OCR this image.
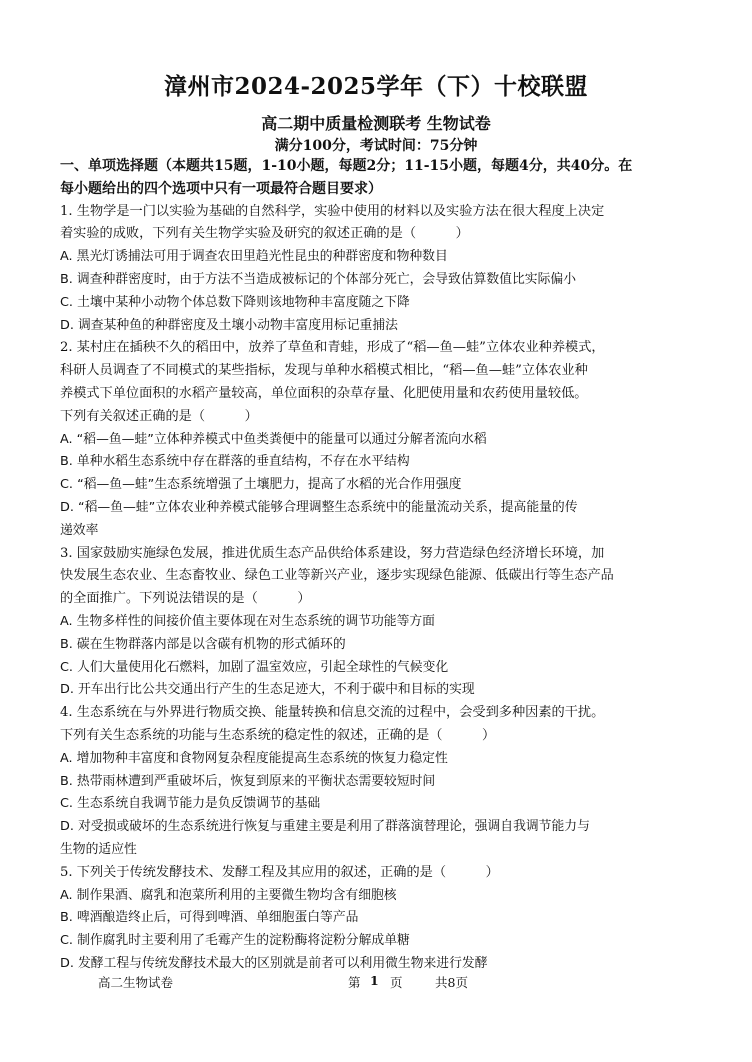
漳州市2024-2025学年（下）十校联盟
高二期中质量检测联考 生物试卷
满分100分，考试时间：75分钟
一、单项选择题（本题共15题，1-10小题，每题2分；11-15小题，每题4分，共40分。在
每小题给出的四个选项中只有一项最符合题目要求）
1. 生物学是一门以实验为基础的自然科学，实验中使用的材料以及实验方法在很大程度上决定
着实验的成败，下列有关生物学实验及研究的叙述正确的是（　　　）
A. 黑光灯诱捕法可用于调查农田里趋光性昆虫的种群密度和物种数目
B. 调查种群密度时，由于方法不当造成被标记的个体部分死亡，会导致估算数值比实际偏小
C. 土壤中某种小动物个体总数下降则该地物种丰富度随之下降
D. 调查某种鱼的种群密度及土壤小动物丰富度用标记重捕法
2. 某村庄在插秧不久的稻田中，放养了草鱼和青蛙，形成了“稻—鱼—蛙”立体农业种养模式，
科研人员调查了不同模式的某些指标，发现与单种水稻模式相比，“稻—鱼—蛙”立体农业种
养模式下单位面积的水稻产量较高，单位面积的杂草存量、化肥使用量和农药使用量较低。
下列有关叙述正确的是（　　　）
A. “稻—鱼—蛙”立体种养模式中鱼类粪便中的能量可以通过分解者流向水稻
B. 单种水稻生态系统中存在群落的垂直结构，不存在水平结构
C. “稻—鱼—蛙”生态系统增强了土壤肥力，提高了水稻的光合作用强度
D. “稻—鱼—蛙”立体农业种养模式能够合理调整生态系统中的能量流动关系，提高能量的传
递效率
3. 国家鼓励实施绿色发展，推进优质生态产品供给体系建设，努力营造绿色经济增长环境，加
快发展生态农业、生态畜牧业、绿色工业等新兴产业，逐步实现绿色能源、低碳出行等生态产品
的全面推广。下列说法错误的是（　　　）
A. 生物多样性的间接价值主要体现在对生态系统的调节功能等方面
B. 碳在生物群落内部是以含碳有机物的形式循环的
C. 人们大量使用化石燃料，加剧了温室效应，引起全球性的气候变化
D. 开车出行比公共交通出行产生的生态足迹大，不利于碳中和目标的实现
4. 生态系统在与外界进行物质交换、能量转换和信息交流的过程中，会受到多种因素的干扰。
下列有关生态系统的功能与生态系统的稳定性的叙述，正确的是（　　　）
A. 增加物种丰富度和食物网复杂程度能提高生态系统的恢复力稳定性
B. 热带雨林遭到严重破坏后，恢复到原来的平衡状态需要较短时间
C. 生态系统自我调节能力是负反馈调节的基础
D. 对受损或破坏的生态系统进行恢复与重建主要是利用了群落演替理论，强调自我调节能力与
生物的适应性
5. 下列关于传统发酵技术、发酵工程及其应用的叙述，正确的是（　　　）
A. 制作果酒、腐乳和泡菜所利用的主要微生物均含有细胞核
B. 啤酒酿造终止后，可得到啤酒、单细胞蛋白等产品
C. 制作腐乳时主要利用了毛霉产生的淀粉酶将淀粉分解成单糖
D. 发酵工程与传统发酵技术最大的区别就是前者可以利用微生物来进行发酵
高二生物试卷	第 1 页	共8页
